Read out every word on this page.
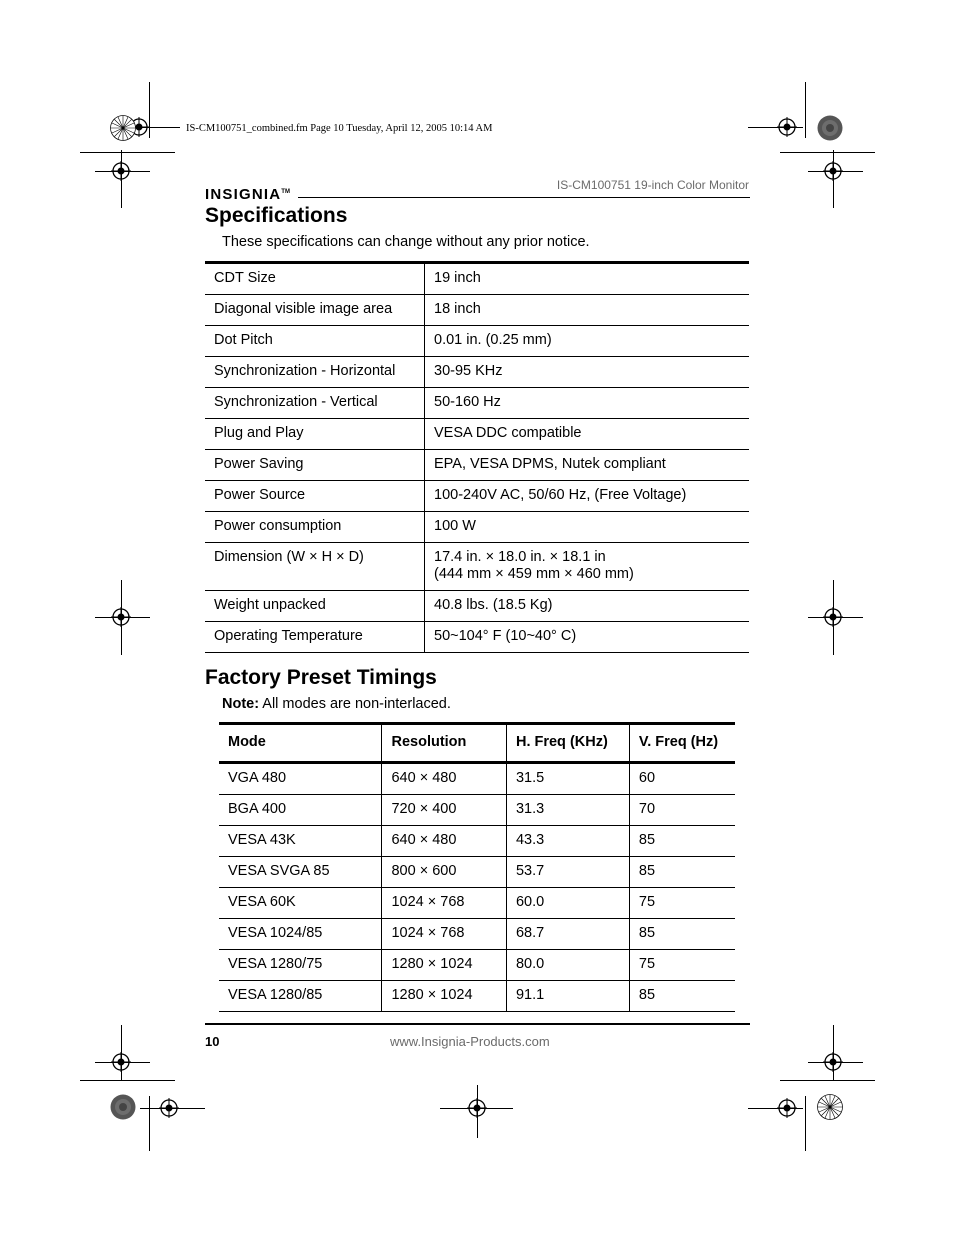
IS-CM100751_combined.fm Page 10 Tuesday, April 12, 2005 10:14 AM
INSIGNIA™	IS-CM100751 19-inch Color Monitor
Specifications
These specifications can change without any prior notice.
CDT Size	19 inch

Diagonal visible image area	18 inch

Dot Pitch	0.01 in. (0.25 mm)

Synchronization - Horizontal	30-95 KHz

Synchronization - Vertical	50-160 Hz

Plug and Play	VESA DDC compatible

Power Saving	EPA, VESA DPMS, Nutek compliant

Power Source	100-240V AC, 50/60 Hz, (Free Voltage)

Power consumption	100 W

Dimension (W × H × D)	17.4 in. × 18.0 in. × 18.1 in
(444 mm × 459 mm × 460 mm)

Weight unpacked	40.8 lbs. (18.5 Kg)

Operating Temperature	50~104° F (10~40° C)
Factory Preset Timings
Note: All modes are non-interlaced.
Mode	Resolution	H. Freq (KHz)	V. Freq (Hz)
VGA 480	640 × 480	31.5	60
BGA 400	720 × 400	31.3	70
VESA 43K	640 × 480	43.3	85
VESA SVGA 85	800 × 600	53.7	85
VESA 60K	1024 × 768	60.0	75
VESA 1024/85	1024 × 768	68.7	85
VESA 1280/75	1280 × 1024	80.0	75
VESA 1280/85	1280 × 1024	91.1	85
10	www.Insignia-Products.com
